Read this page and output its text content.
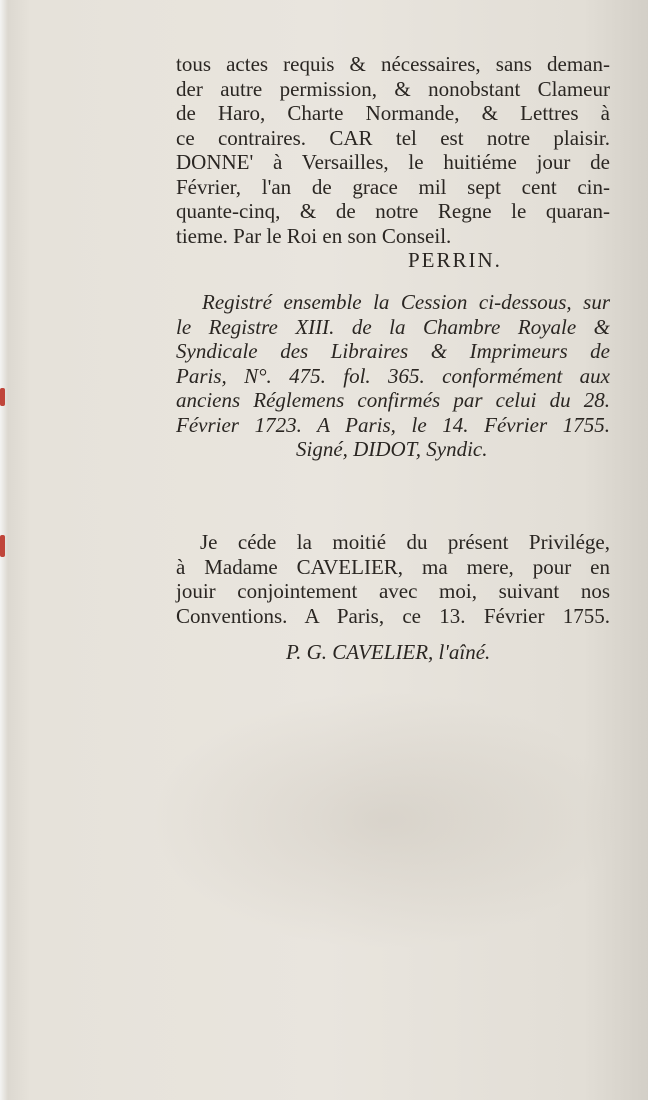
tous actes requis & nécessaires, sans deman-
der autre permission, & nonobstant Clameur
de Haro, Charte Normande, & Lettres à
ce contraires. CAR tel est notre plaisir.
DONNE' à Versailles, le huitiéme jour de
Février, l'an de grace mil sept cent cin-
quante-cinq, & de notre Regne le quaran-
tieme. Par le Roi en son Conseil.
PERRIN.
Registré ensemble la Cession ci-dessous, sur
le Registre XIII. de la Chambre Royale &
Syndicale des Libraires & Imprimeurs de
Paris, N°. 475. fol. 365. conformément aux
anciens Réglemens confirmés par celui du 28.
Février 1723. A Paris, le 14. Février 1755.
Signé, DIDOT, Syndic.
Je céde la moitié du présent Privilége,
à Madame CAVELIER, ma mere, pour en
jouir conjointement avec moi, suivant nos
Conventions. A Paris, ce 13. Février 1755.
P. G. CAVELIER, l'aîné.
